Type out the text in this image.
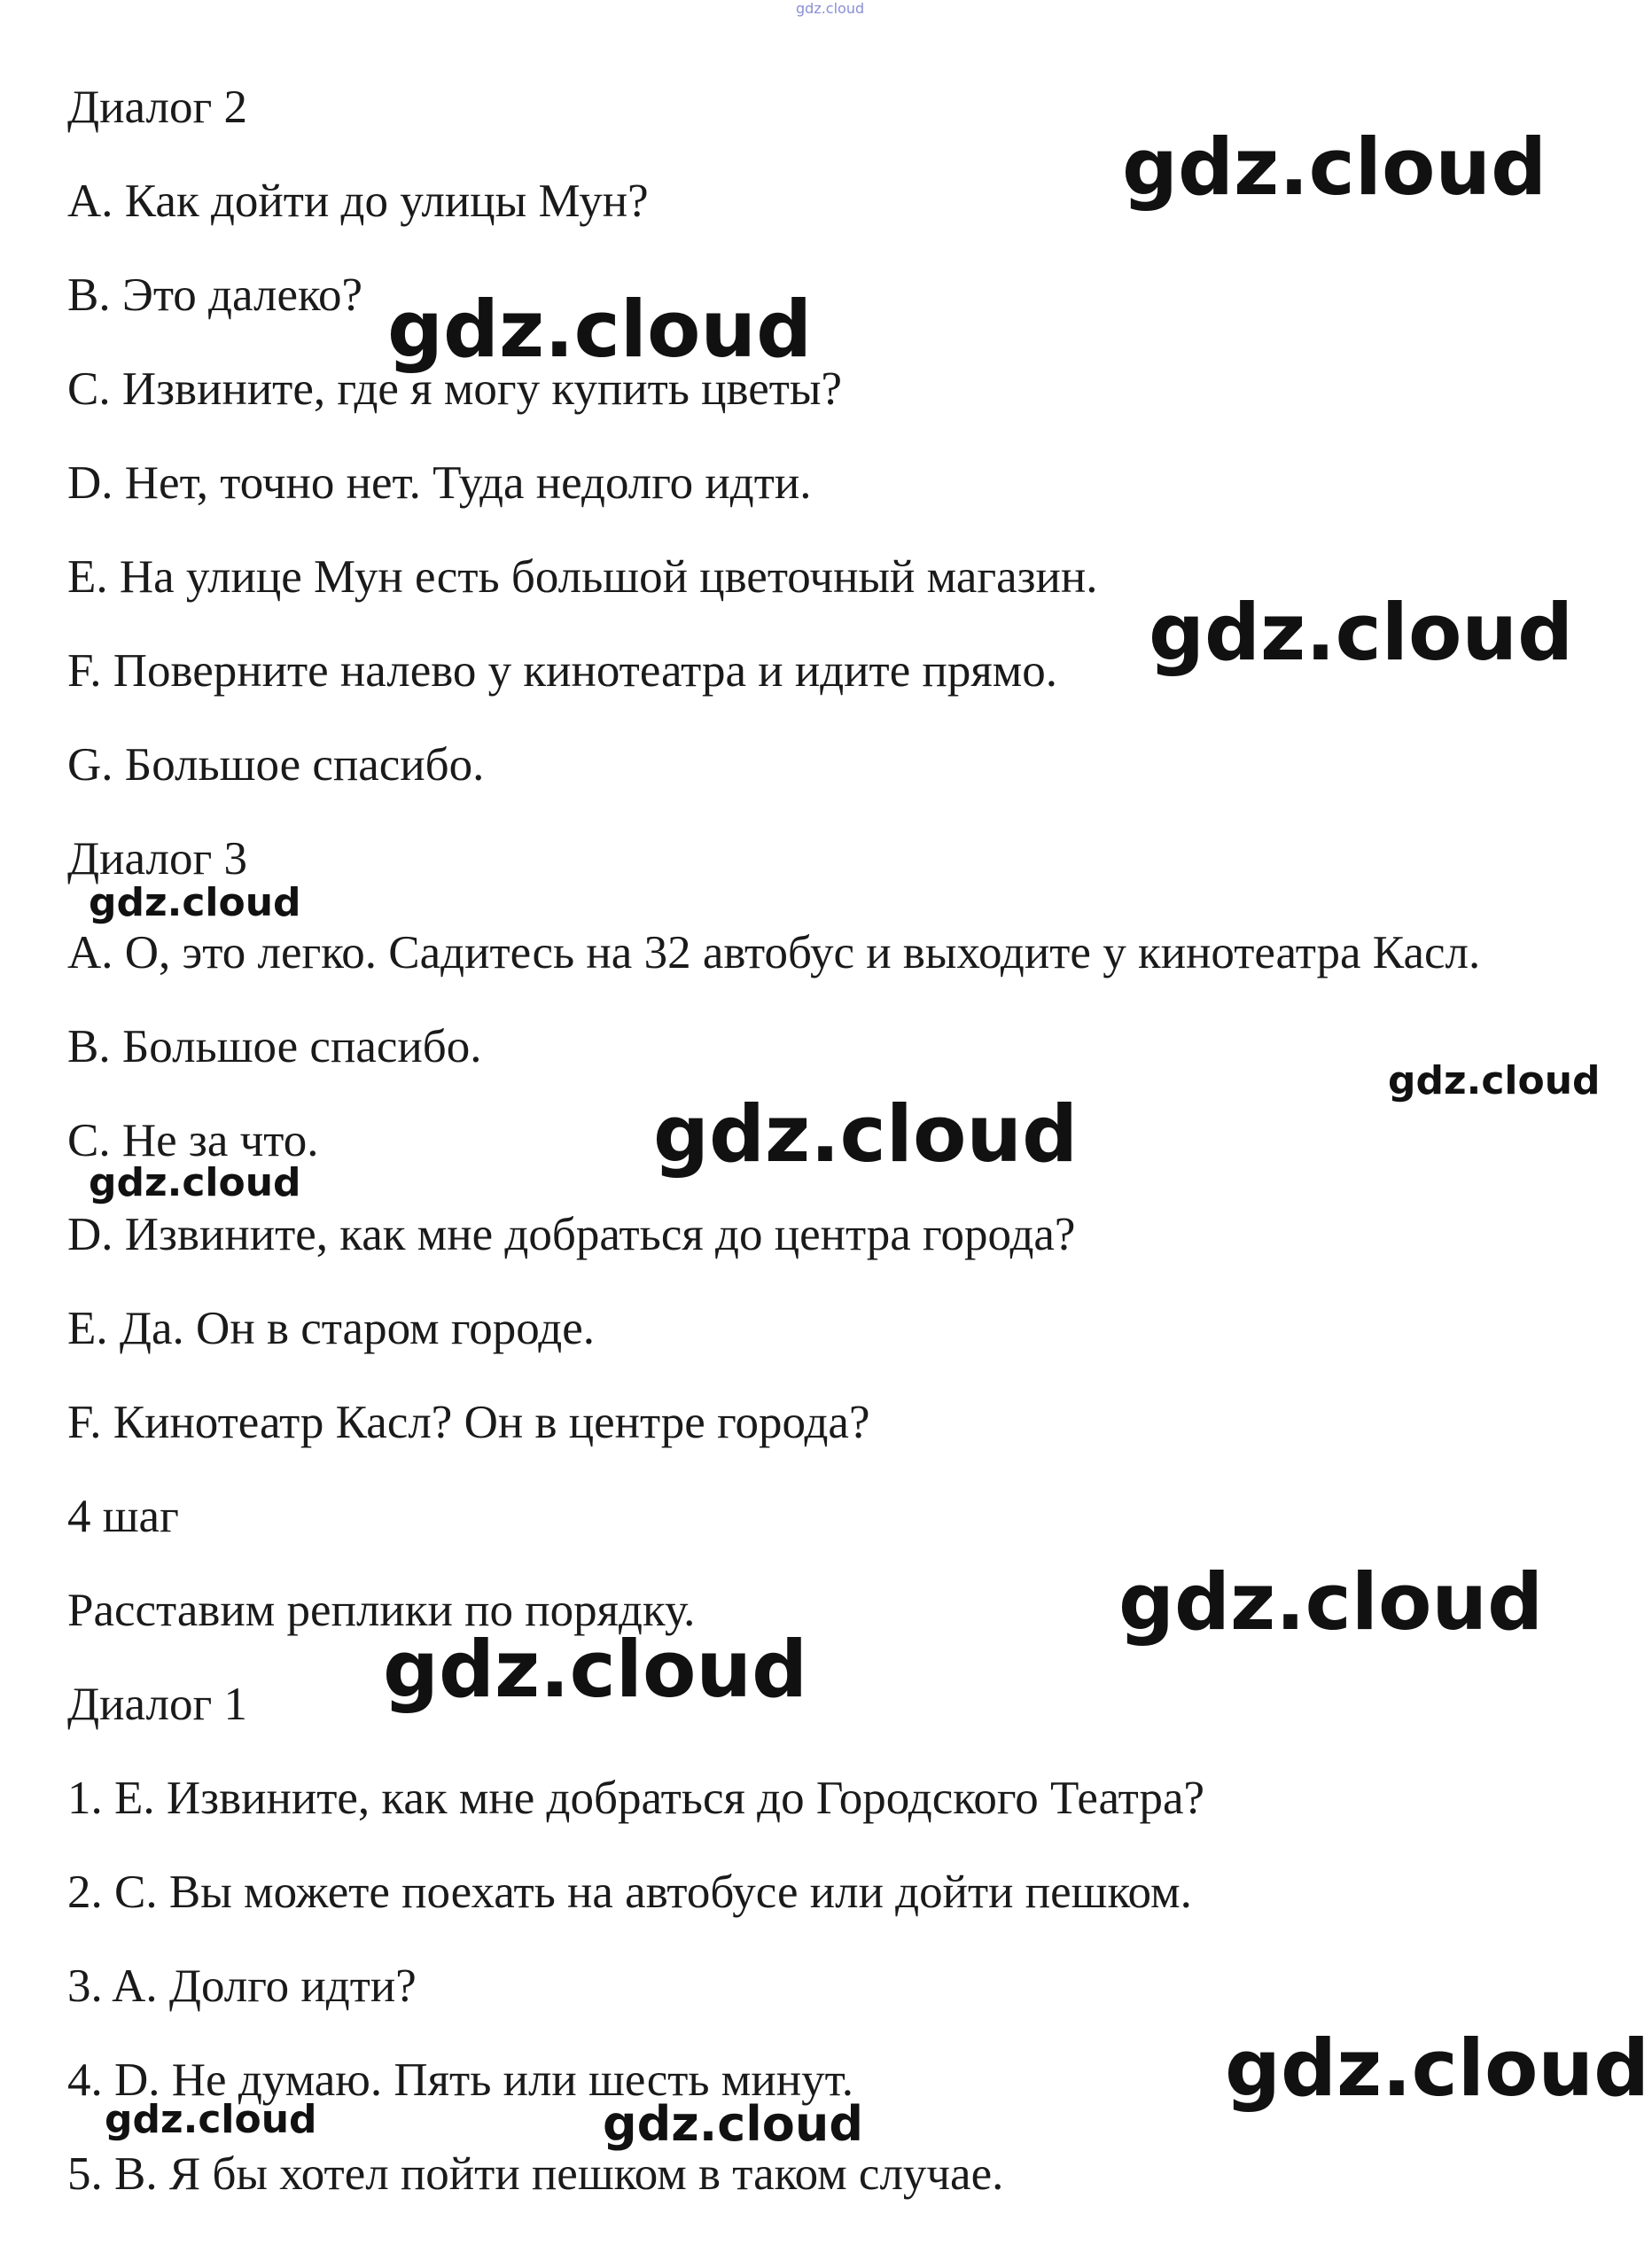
gdz.cloud
Диалог 2
A. Как дойти до улицы Мун?
B. Это далеко?
C. Извините, где я могу купить цветы?
D. Нет, точно нет. Туда недолго идти.
E. На улице Мун есть большой цветочный магазин.
F. Поверните налево у кинотеатра и идите прямо.
G. Большое спасибо.
Диалог 3
A. О, это легко. Садитесь на 32 автобус и выходите у кинотеатра Касл.
B. Большое спасибо.
C. Не за что.
D. Извините, как мне добраться до центра города?
E. Да. Он в старом городе.
F. Кинотеатр Касл? Он в центре города?
4 шаг
Расставим реплики по порядку.
Диалог 1
1. E. Извините, как мне добраться до Городского Театра?
2. C. Вы можете поехать на автобусе или дойти пешком.
3. A. Долго идти?
4. D. Не думаю. Пять или шесть минут.
5. B. Я бы хотел пойти пешком в таком случае.
gdz.cloud
gdz.cloud
gdz.cloud
gdz.cloud
gdz.cloud
gdz.cloud
gdz.cloud
gdz.cloud
gdz.cloud
gdz.cloud
gdz.cloud	gdz.cloud
